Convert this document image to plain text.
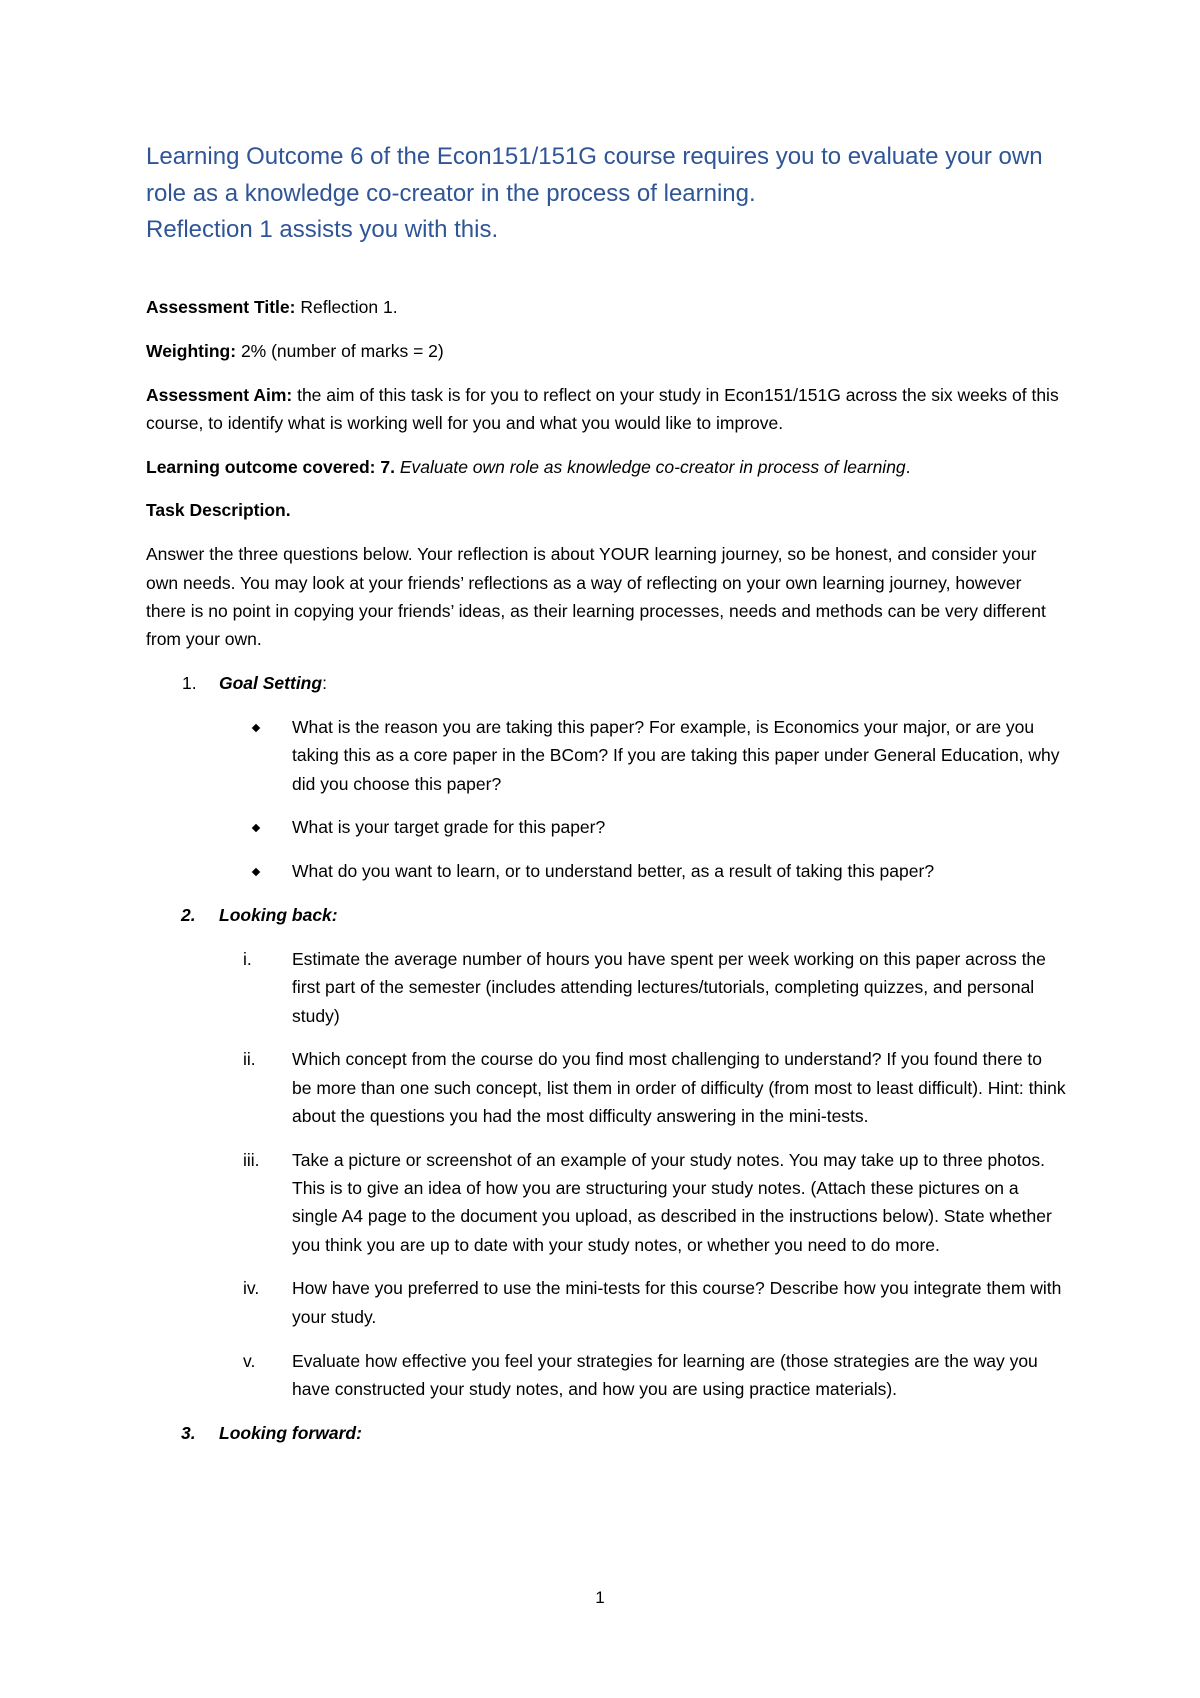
Learning Outcome 6 of the Econ151/151G course requires you to evaluate your own
role as a knowledge co-creator in the process of learning.
Reflection 1 assists you with this.

Assessment Title: Reflection 1.

Weighting: 2% (number of marks = 2)

Assessment Aim: the aim of this task is for you to reflect on your study in Econ151/151G across the six weeks of this course, to identify what is working well for you and what you would like to improve.

Learning outcome covered: 7. Evaluate own role as knowledge co-creator in process of learning.

Task Description.

Answer the three questions below. Your reflection is about YOUR learning journey, so be honest, and consider your own needs. You may look at your friends’ reflections as a way of reflecting on your own learning journey, however there is no point in copying your friends’ ideas, as their learning processes, needs and methods can be very different from your own.

1. Goal Setting:
What is the reason you are taking this paper? For example, is Economics your major, or are you taking this as a core paper in the BCom? If you are taking this paper under General Education, why did you choose this paper?
What is your target grade for this paper?
What do you want to learn, or to understand better, as a result of taking this paper?
2. Looking back:
i. Estimate the average number of hours you have spent per week working on this paper across the first part of the semester (includes attending lectures/tutorials, completing quizzes, and personal study)
ii. Which concept from the course do you find most challenging to understand? If you found there to be more than one such concept, list them in order of difficulty (from most to least difficult). Hint: think about the questions you had the most difficulty answering in the mini-tests.
iii. Take a picture or screenshot of an example of your study notes. You may take up to three photos. This is to give an idea of how you are structuring your study notes. (Attach these pictures on a single A4 page to the document you upload, as described in the instructions below). State whether you think you are up to date with your study notes, or whether you need to do more.
iv. How have you preferred to use the mini-tests for this course? Describe how you integrate them with your study.
v. Evaluate how effective you feel your strategies for learning are (those strategies are the way you have constructed your study notes, and how you are using practice materials).
3. Looking forward:
1
